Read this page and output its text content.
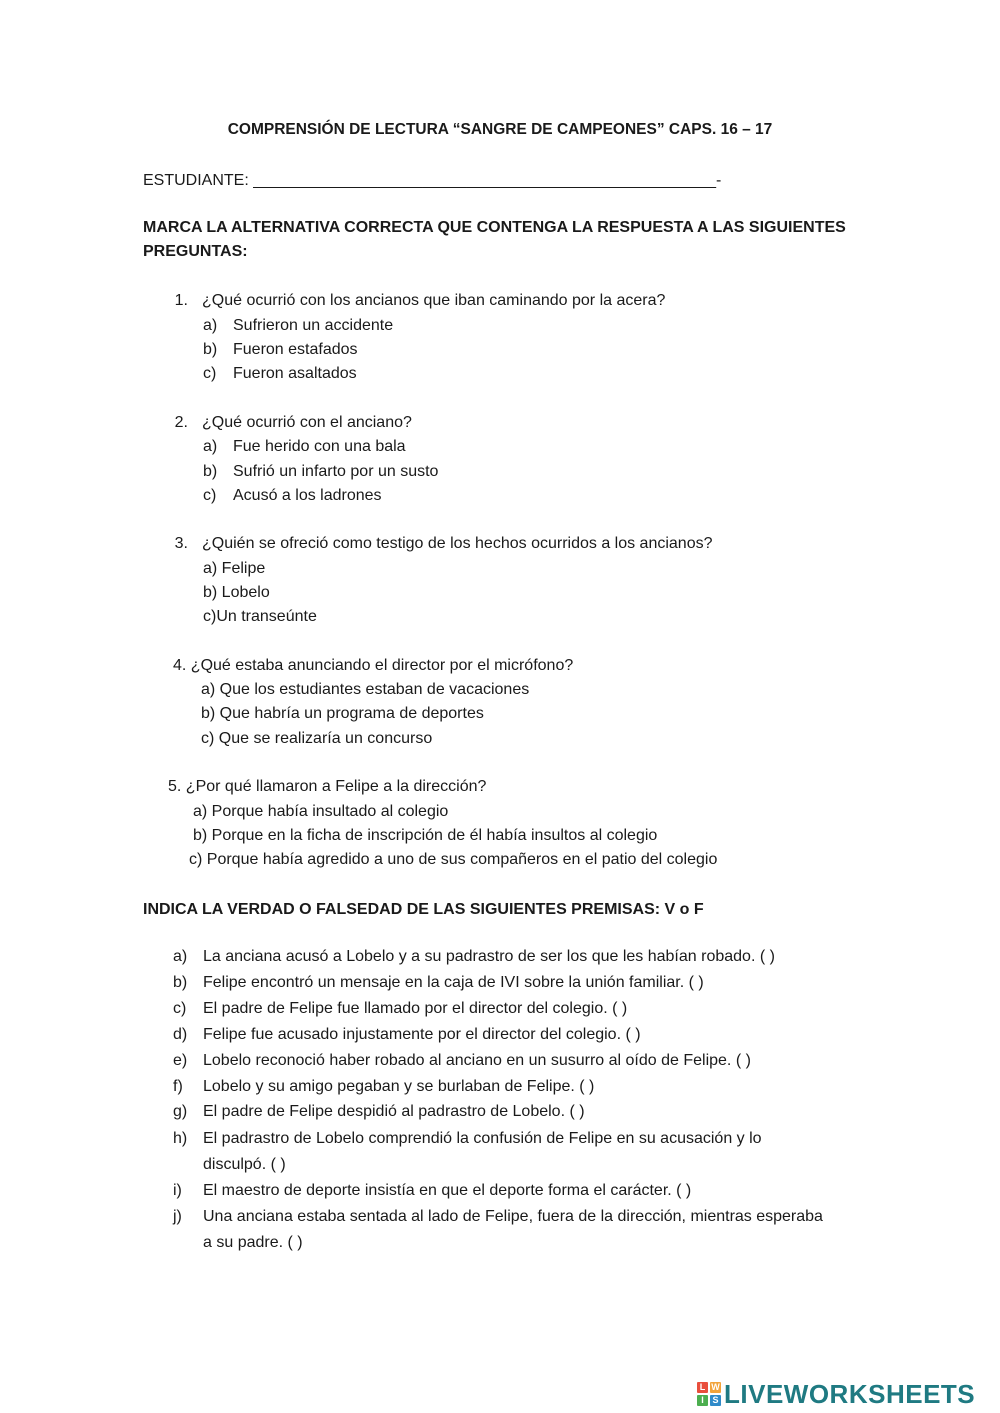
COMPRENSIÓN DE LECTURA “SANGRE DE CAMPEONES” CAPS. 16 – 17
ESTUDIANTE: ____________________________________________________-
MARCA LA ALTERNATIVA CORRECTA QUE CONTENGA LA RESPUESTA A LAS SIGUIENTES
PREGUNTAS:
1. ¿Qué ocurrió con los ancianos que iban caminando por la acera?
a) Sufrieron un accidente
b) Fueron estafados
c)	Fueron asaltados
2. ¿Qué ocurrió con el anciano?
a) Fue herido con una bala
b) Sufrió un infarto por un susto
c)	Acusó a los ladrones
3. ¿Quién se ofreció como testigo de los hechos ocurridos a los ancianos?
a) Felipe
b) Lobelo
c)Un transeúnte
4. ¿Qué estaba anunciando el director por el micrófono?
a) Que los estudiantes estaban de vacaciones
b) Que habría un programa de deportes
c) Que se realizaría un concurso
5. ¿Por qué llamaron a Felipe a la dirección?
a) Porque había insultado al colegio
b) Porque en la ficha de inscripción de él había insultos al colegio
c) Porque había agredido a uno de sus compañeros en el patio del colegio
INDICA LA VERDAD O FALSEDAD DE LAS SIGUIENTES PREMISAS: V o F
a) La anciana acusó a Lobelo y a su padrastro de ser los que les habían robado. ( )
b) Felipe encontró un mensaje en la caja de IVI sobre la unión familiar. ( )
c)	El padre de Felipe fue llamado por el director del colegio. ( )
d) Felipe fue acusado injustamente por el director del colegio. ( )
e) Lobelo reconoció haber robado al anciano en un susurro al oído de Felipe. ( )
f)	Lobelo y su amigo pegaban y se burlaban de Felipe. ( )
g) El padre de Felipe despidió al padrastro de Lobelo. ( )
h) El padrastro de Lobelo comprendió la confusión de Felipe en su acusación y lo
disculpó. ( )
i)	El maestro de deporte insistía en que el deporte forma el carácter. ( )
j)	Una anciana estaba sentada al lado de Felipe, fuera de la dirección, mientras esperaba
a su padre. ( )
L W
I S LIVEWORKSHEETS
